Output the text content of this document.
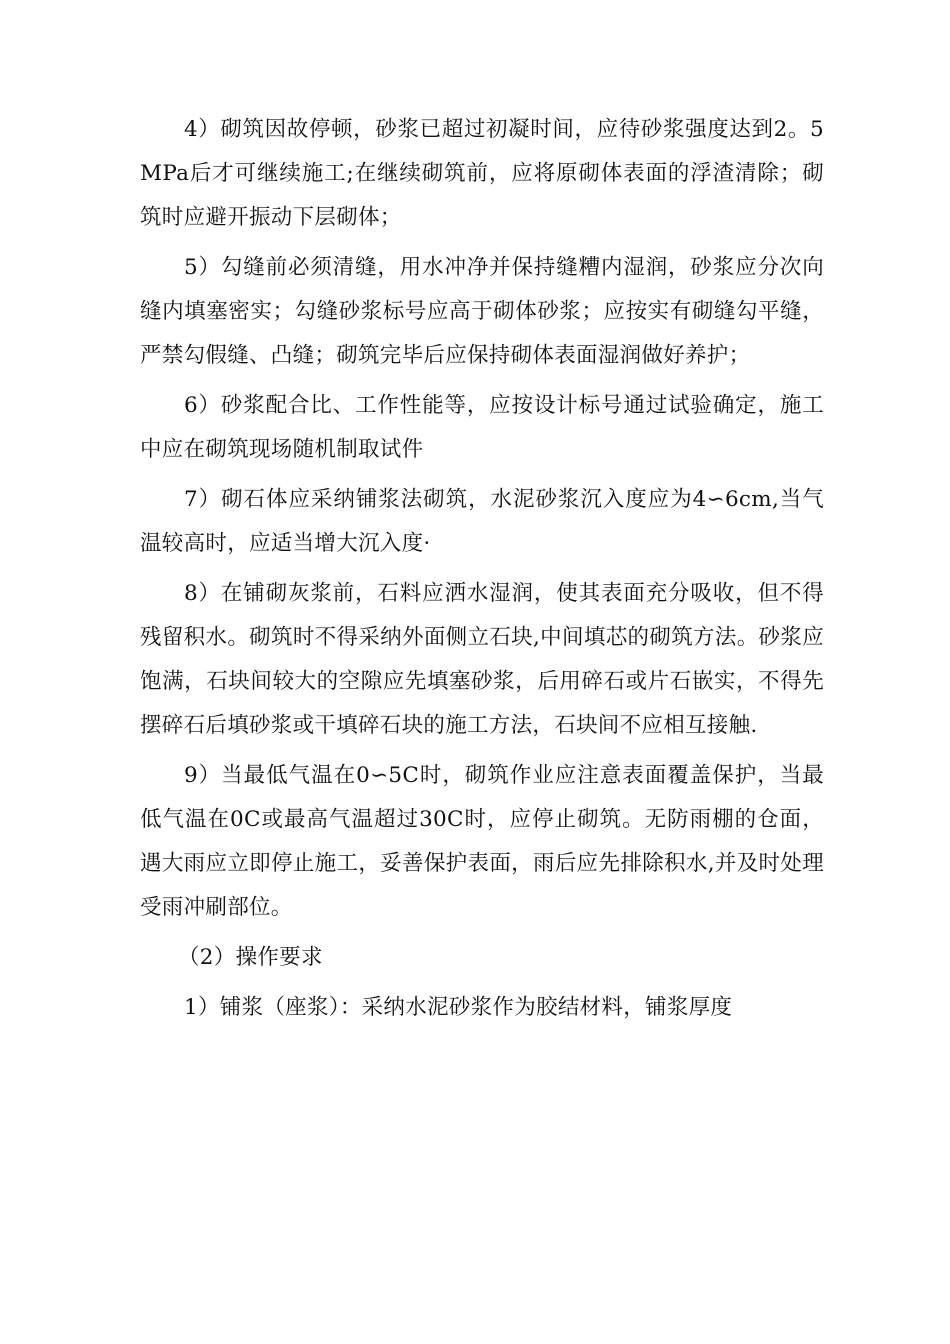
4）砌筑因故停顿，砂浆已超过初凝时间，应待砂浆强度达到2。5MPa后才可继续施工;在继续砌筑前，应将原砌体表面的浮渣清除；砌筑时应避开振动下层砌体；

5）勾缝前必须清缝，用水冲净并保持缝糟内湿润，砂浆应分次向缝内填塞密实；勾缝砂浆标号应高于砌体砂浆；应按实有砌缝勾平缝，严禁勾假缝、凸缝；砌筑完毕后应保持砌体表面湿润做好养护；

6）砂浆配合比、工作性能等，应按设计标号通过试验确定，施工中应在砌筑现场随机制取试件

7）砌石体应采纳铺浆法砌筑，水泥砂浆沉入度应为4∽6cm,当气温较高时，应适当增大沉入度·

8）在铺砌灰浆前，石料应洒水湿润，使其表面充分吸收，但不得残留积水。砌筑时不得采纳外面侧立石块,中间填芯的砌筑方法。砂浆应饱满，石块间较大的空隙应先填塞砂浆，后用碎石或片石嵌实，不得先摆碎石后填砂浆或干填碎石块的施工方法，石块间不应相互接触.

9）当最低气温在0∽5C时，砌筑作业应注意表面覆盖保护，当最低气温在0C或最高气温超过30C时，应停止砌筑。无防雨棚的仓面，遇大雨应立即停止施工，妥善保护表面，雨后应先排除积水,并及时处理受雨冲刷部位。

（2）操作要求

1）铺浆（座浆）：采纳水泥砂浆作为胶结材料，铺浆厚度
